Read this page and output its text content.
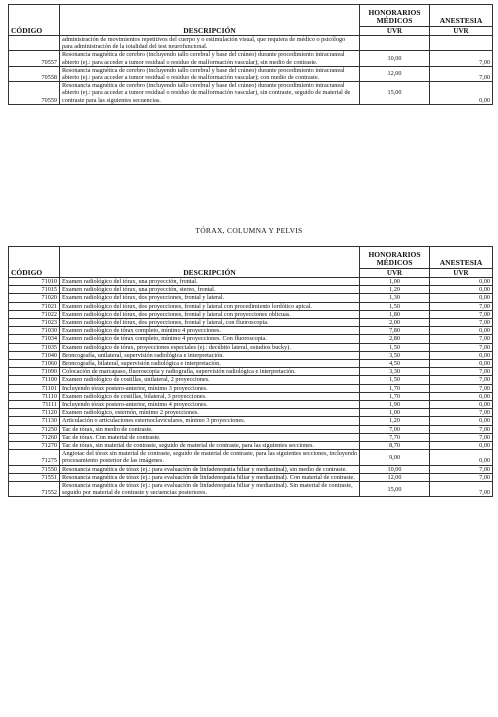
CÓDIGO	DESCRIPCIÓN	HONORARIOS MÉDICOS
UVR	ANESTESIA
UVR

	administración de movimientos repetitivos del cuerpo y o estimulación visual, que requiera de médico o psicólogo para administración de la totalidad del test neurofuncional.		
70557	Resonancia magnética de cerebro (incluyendo tallo cerebral y base del cráneo) durante procedimiento intracraneal abierto (ej.: para acceder a tumor residual o residuo de malformación vascular); sin medio de contraste.	10,00	7,00
70558	Resonancia magnética de cerebro (incluyendo tallo cerebral y base del cráneo) durante procedimiento intracraneal abierto (ej.: para acceder a tumor residual o residuo de malformación vascular); con medio de contraste.	12,00	7,00
70559	Resonancia magnética de cerebro (incluyendo tallo cerebral y base del cráneo) durante procedimiento intracraneal abierto (ej.: para acceder a tumor residual o residuo de malformación vascular), sin contraste, seguido de material de contraste para las siguientes secuencias.	15,00	0,00
TÓRAX, COLUMNA Y PELVIS
CÓDIGO	DESCRIPCIÓN	HONORARIOS MÉDICOS
UVR	ANESTESIA
UVR

71010	Examen radiológico del tórax, una proyección, frontal.	1,00	0,00
71015	Examen radiológico del tórax, una proyección, stereo, frontal.	1,20	0,00
71020	Examen radiológico del tórax, dos proyecciones, frontal y lateral.	1,30	0,00
71021	Examen radiológico del tórax, dos proyecciones, frontal y lateral con procedimiento lordótico apical.	1,50	7,00
71022	Examen radiológico del tórax, dos proyecciones, frontal y lateral con proyecciones oblicuas.	1,80	7,00
71023	Examen radiológico del tórax, dos proyecciones, frontal y lateral, con fluoroscopia.	2,00	7,00
71030	Examen radiológico de tórax completo, mínimo 4 proyecciones.	7,80	0,00
71034	Examen radiológico de tórax completo, mínimo 4 proyecciones. Con fluoroscopia.	2,80	7,00
71035	Examen radiológico de tórax, proyecciones especiales (ej.: decúbito lateral, estudios bucky).	1,50	7,00
71040	Broncografía, unilateral, supervisión radiológica e interpretación.	3,50	0,00
71060	Broncografía, bilateral, supervisión radiológica e interpretación.	4,50	0,00
71090	Colocación de marcapaso, fluoroscopia y radiografía, supervisión radiológica e interpretación.	3,30	7,00
71100	Examen radiológico de costillas, unilateral, 2 proyecciones.	1,50	7,00
71101	Incluyendo tórax postero-anterior, mínimo 3 proyecciones.	1,70	7,00
71110	Examen radiológico de costillas, bilateral, 3 proyecciones.	1,70	0,00
71111	Incluyendo tórax postero-anterior, mínimo 4 proyecciones.	1,90	0,00
71120	Examen radiológico, esternón, mínimo 2 proyecciones.	1,00	7,00
71130	Articulación o articulaciones esternoclaviculares, mínimo 3 proyecciones.	1,20	0,00
71250	Tac de tórax, sin medio de contraste.	7,00	7,00
71260	Tac de tórax. Con material de contraste.	7,70	7,00
71270	Tac de tórax, sin material de contraste, seguido de material de contraste, para las siguientes secciones.	8,70	0,00
71275	Angiotac del tórax sin material de contraste, seguido de material de contraste, para las siguientes secciones, incluyendo procesamiento posterior de las imágenes.	9,00	0,00
71550	Resonancia magnética de tórax (ej.: para evaluación de linfadenopatía hiliar y mediastinal), sin medio de contraste.	10,00	7,00
71551	Resonancia magnética de tórax (ej.: para evaluación de linfadenopatía hiliar y mediastinal). Con material de contraste.	12,00	7,00
71552	Resonancia magnética de tórax (ej.: para evaluación de linfadenopatía hiliar y mediastinal). Sin material de contraste, seguido por material de contraste y secuencias posteriores.	15,00	7,00
